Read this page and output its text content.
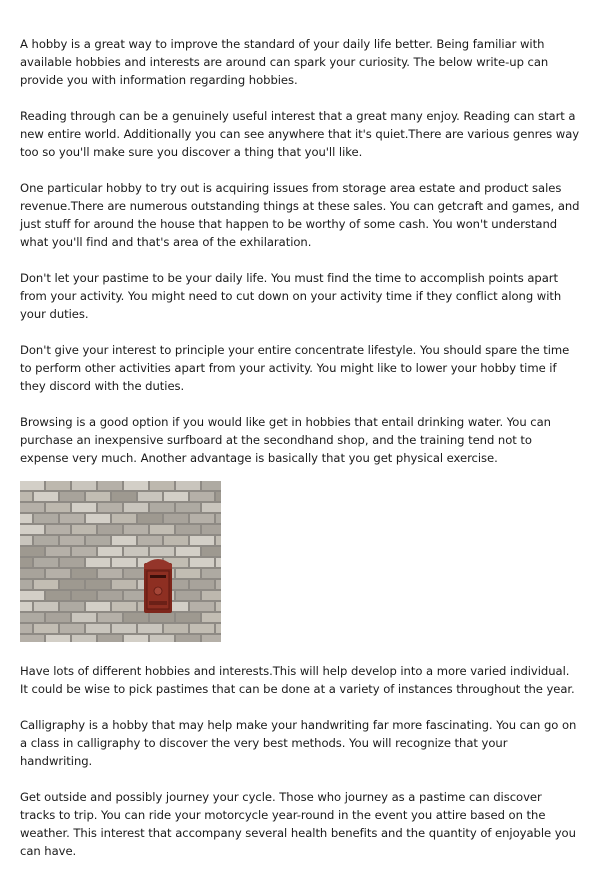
A hobby is a great way to improve the standard of your daily life better. Being familiar with available hobbies and interests are around can spark your curiosity. The below write-up can provide you with information regarding hobbies.

Reading through can be a genuinely useful interest that a great many enjoy. Reading can start a new entire world. Additionally you can see anywhere that it's quiet.There are various genres way too so you'll make sure you discover a thing that you'll like.

One particular hobby to try out is acquiring issues from storage area estate and product sales revenue.There are numerous outstanding things at these sales. You can getcraft and games, and just stuff for around the house that happen to be worthy of some cash. You won't understand what you'll find and that's area of the exhilaration.

Don't let your pastime to be your daily life. You must find the time to accomplish points apart from your activity. You might need to cut down on your activity time if they conflict along with your duties.

Don't give your interest to principle your entire concentrate lifestyle. You should spare the time to perform other activities apart from your activity. You might like to lower your hobby time if they discord with the duties.

Browsing is a good option if you would like get in hobbies that entail drinking water. You can purchase an inexpensive surfboard at the secondhand shop, and the training tend not to expense very much. Another advantage is basically that you get physical exercise.

Have lots of different hobbies and interests.This will help develop into a more varied individual. It could be wise to pick pastimes that can be done at a variety of instances throughout the year.

Calligraphy is a hobby that may help make your handwriting far more fascinating. You can go on a class in calligraphy to discover the very best methods. You will recognize that your handwriting.

Get outside and possibly journey your cycle. Those who journey as a pastime can discover tracks to trip. You can ride your motorcycle year-round in the event you attire based on the weather. This interest that accompany several health benefits and the quantity of enjoyable you can have.
